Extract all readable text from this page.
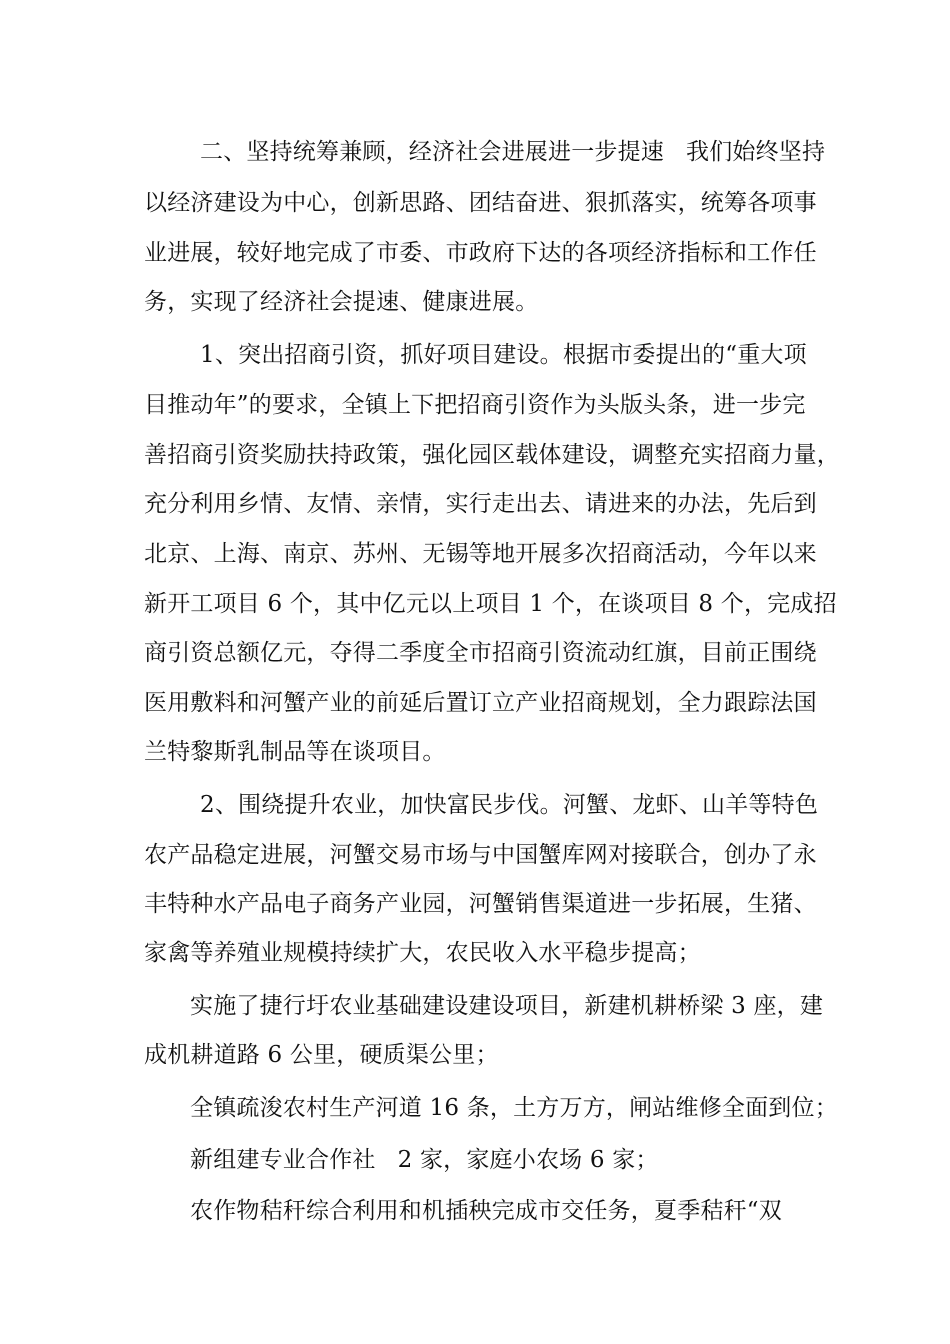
二、坚持统筹兼顾，经济社会进展进一步提速 我们始终坚持
以经济建设为中心，创新思路、团结奋进、狠抓落实，统筹各项事
业进展，较好地完成了市委、市政府下达的各项经济指标和工作任
务，实现了经济社会提速、健康进展。
1、突出招商引资，抓好项目建设。根据市委提出的“重大项
目推动年”的要求，全镇上下把招商引资作为头版头条，进一步完
善招商引资奖励扶持政策，强化园区载体建设，调整充实招商力量，
充分利用乡情、友情、亲情，实行走出去、请进来的办法，先后到
北京、上海、南京、苏州、无锡等地开展多次招商活动，今年以来
新开工项目 6 个，其中亿元以上项目 1 个，在谈项目 8 个，完成招
商引资总额亿元，夺得二季度全市招商引资流动红旗，目前正围绕
医用敷料和河蟹产业的前延后置订立产业招商规划，全力跟踪法国
兰特黎斯乳制品等在谈项目。
2、围绕提升农业，加快富民步伐。河蟹、龙虾、山羊等特色
农产品稳定进展，河蟹交易市场与中国蟹库网对接联合，创办了永
丰特种水产品电子商务产业园，河蟹销售渠道进一步拓展，生猪、
家禽等养殖业规模持续扩大，农民收入水平稳步提高；
实施了捷行圩农业基础建设建设项目，新建机耕桥梁 3 座，建
成机耕道路 6 公里，硬质渠公里；
全镇疏浚农村生产河道 16 条，土方万方，闸站维修全面到位；
新组建专业合作社 2 家，家庭小农场 6 家；
农作物秸秆综合利用和机插秧完成市交任务，夏季秸秆“双
